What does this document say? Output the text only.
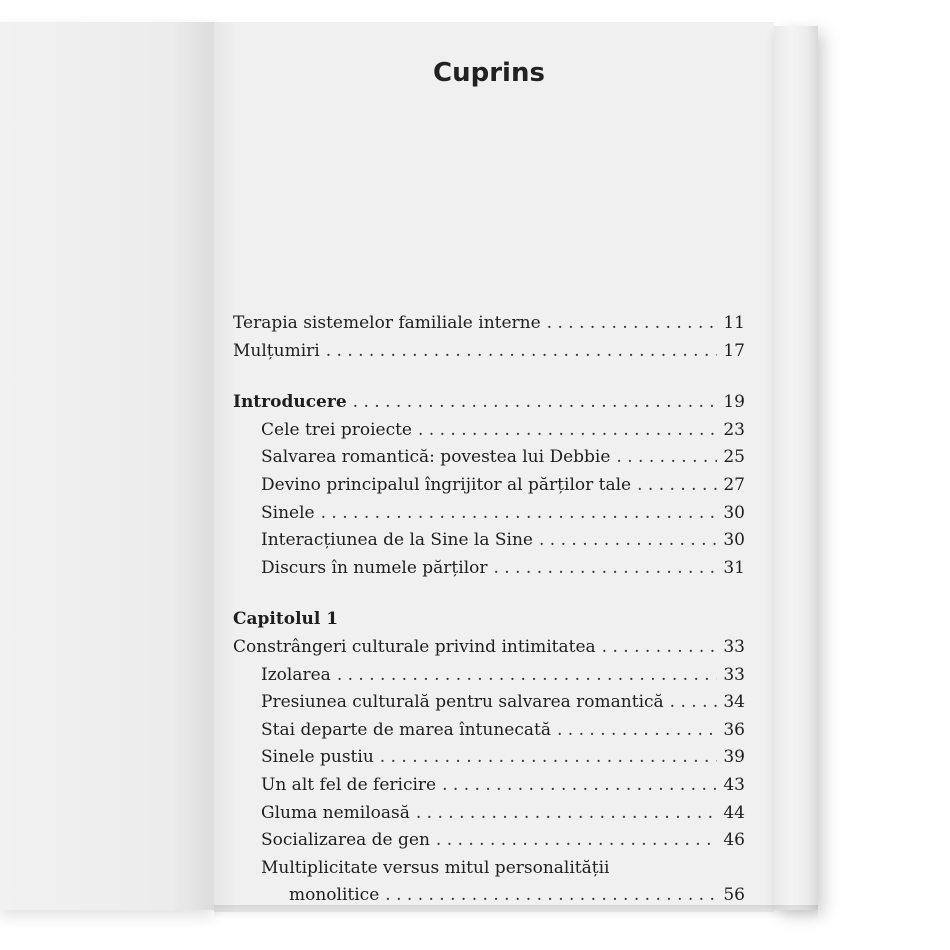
Cuprins
Terapia sistemelor familiale interne . . .	11
Mulțumiri . . .	17
Introducere . . .	19
Cele trei proiecte . . .	23
Salvarea romantică: povestea lui Debbie . . .	25
Devino principalul îngrijitor al părților tale . . .	27
Sinele . . .	30
Interacțiunea de la Sine la Sine . . .	30
Discurs în numele părților . . .	31
Capitolul 1
Constrângeri culturale privind intimitatea . . .	33
Izolarea . . .	33
Presiunea culturală pentru salvarea romantică . . .	34
Stai departe de marea întunecată . . .	36
Sinele pustiu . . .	39
Un alt fel de fericire . . .	43
Gluma nemiloasă . . .	44
Socializarea de gen . . .	46
Multiplicitate versus mitul personalității
monolitice . . .	56
